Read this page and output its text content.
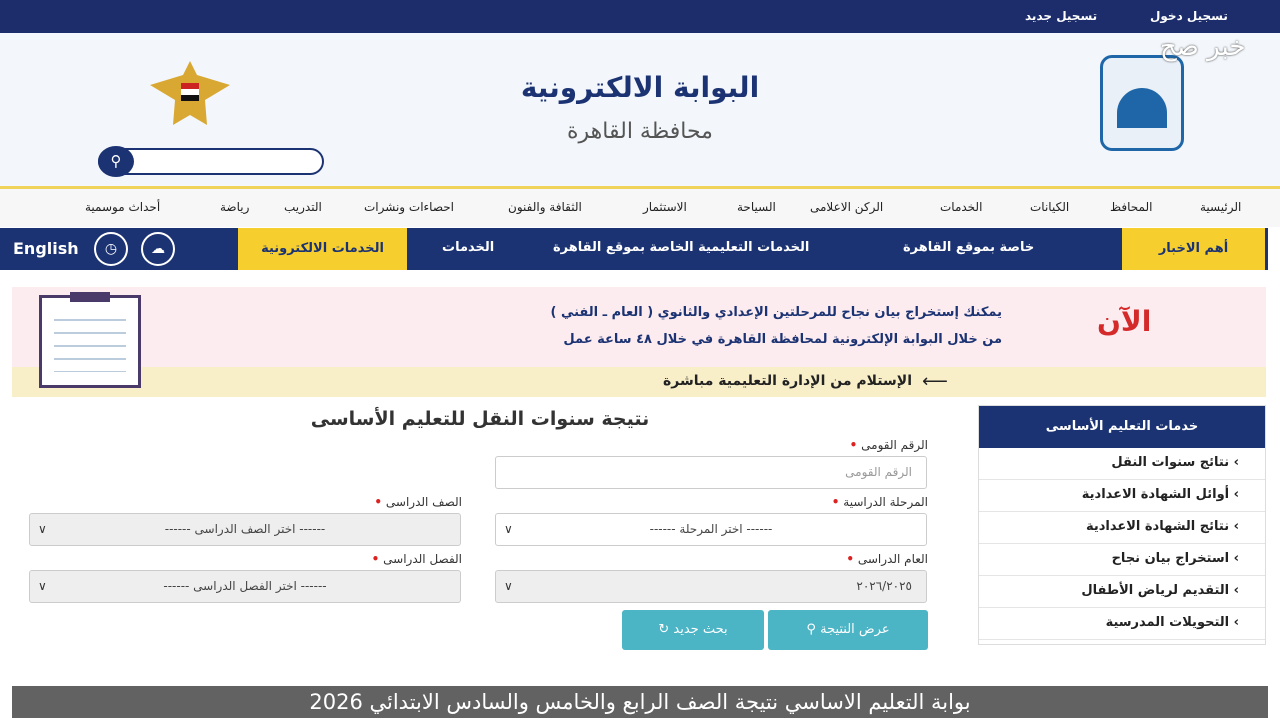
تسجيل دخول
تسجيل جديد
البوابة الالكترونية
محافظة القاهرة
⚲
خبر صح
الرئيسية
المحافظ
الكيانات
الخدمات
الركن الاعلامى
السياحة
الاستثمار
الثقافة والفنون
احصاءات ونشرات
التدريب
رياضة
أحداث موسمية
أهم الاخبار
خاصة بموقع القاهرة
الخدمات التعليمية الخاصة بموقع القاهرة
الخدمات
الخدمات الالكترونية
☁
◷
English
الآن
يمكنك إستخراج بيان نجاح للمرحلتين الإعدادي والثانوي ( العام ـ الفني )
من خلال البوابة الإلكترونية لمحافظة القاهرة في خلال ٤٨ ساعة عمل
الإستلام من الإدارة التعليمية مباشرة ⟵
خدمات التعليم الأساسى
› نتائج سنوات النقل
› أوائل الشهادة الاعدادية
› نتائج الشهادة الاعدادية
› استخراج بيان نجاح
› التقديم لرياض الأطفال
› التحويلات المدرسية
نتيجة سنوات النقل للتعليم الأساسى
الرقم القومى •
الرقم القومى
المرحلة الدراسية •
------ اختر المرحلة ------
∨
الصف الدراسى •
------ اختر الصف الدراسى ------
∨
العام الدراسى •
٢٠٢٦/٢٠٢٥
∨
الفصل الدراسى •
------ اختر الفصل الدراسى ------
∨
⚲ عرض النتيجة
↻ بحث جديد
بوابة التعليم الاساسي نتيجة الصف الرابع والخامس والسادس الابتدائي 2026
